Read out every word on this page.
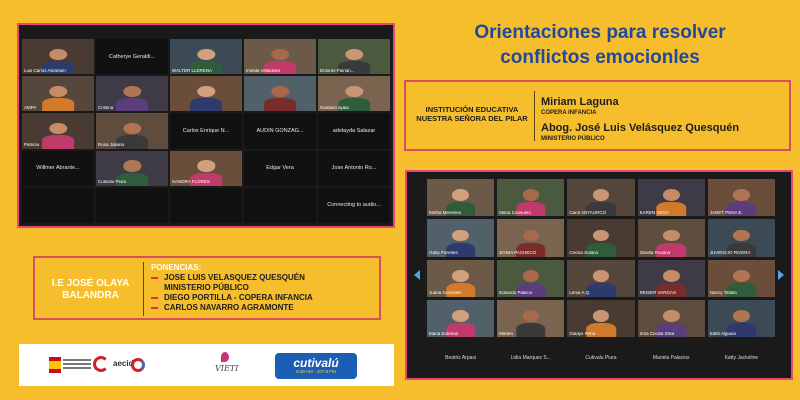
Luis Carlos Abraham
Catherye Geraldi...
WALTER LLERENA	Imelda Valladolid	Dolores Pairian...
AMPA	Cristina	Gustavo ayala
Patricia	Rosa Juliana
Carlos Enrique N...	AUDIN GONZAG...	adelayda Salazar
Willmer Abrante...
Cutivalu Piura	SANDRA FLORES
Edgar Vera	Jose Antonio Ro...
Connecting to audio...
Orientaciones para resolver
conflictos emocionles
INSTITUCIÓN EDUCATIVA NUESTRA SEÑORA DEL PILAR
Miriam Laguna
COPERA INFANCIA
Abog. José Luis Velásquez Quesquén
MINISTERIO PÚBLICO
Mirtha Meneses	Maria Consuelo	Carol ANTAURCO	KAREN VEGA	JANET PENA E.
Gaby Paredes	SONIA PACHECO	Cecilia Solano	Gisella Roxana	JUVENCIO RIVERA
Juana Gonzales	Eduardo Palacio	Lenia A.Q.	REISER VARGAS	Nancy Tafalla
Maria Eufemia	Marlen	Gladys Pena	Irma Cecilia Silva	Edith Alguian
Beatriz Arpasi	Lidia Marquez S...	Cutivalu Piura	Mariela Palacios	Katty Jackeline
I.E JOSÉ OLAYA BALANDRA
PONENCIAS:
JOSE LUIS VELASQUEZ QUESQUÉN
MINISTERIO PÚBLICO
DIEGO PORTILLA - COPERA INFANCIA
CARLOS NAVARRO AGRAMONTE
aecid
VIETI	cutivalú
6:30 AM - 107.9 FM
